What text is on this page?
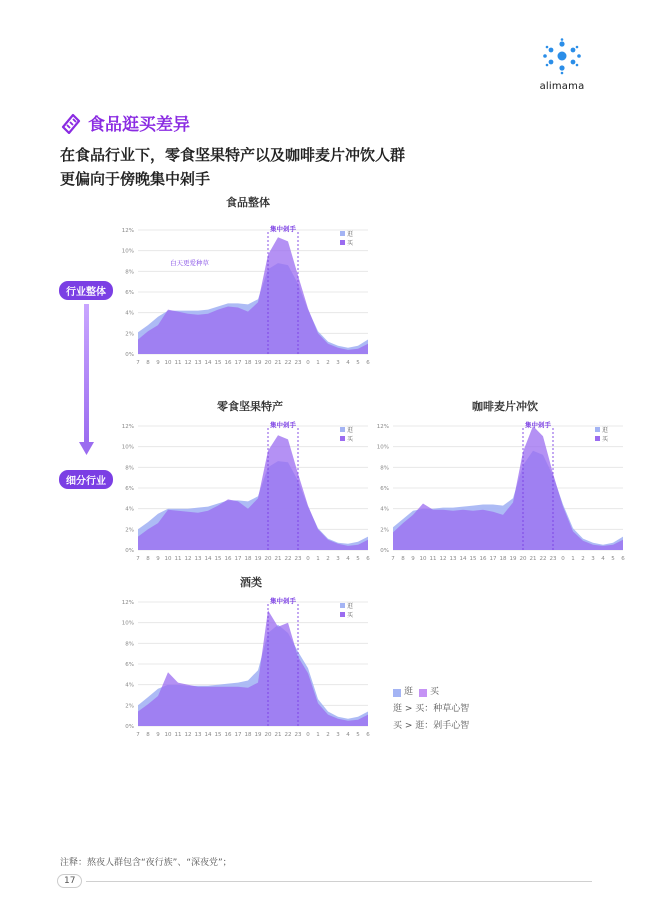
alimama
食品逛买差异
在食品行业下，零食坚果特产以及咖啡麦片冲饮人群
更偏向于傍晚集中剁手
行业整体
细分行业
食品整体
零食坚果特产	咖啡麦片冲饮
酒类
0%
2%
4%
6%
8%
10%
12%	集中剁手
7 8 9 10 11 12 13 14 15 16 17 18 19 20 21 22 23 0 1 2 3 4 5 6
逛
买
白天更爱种草
0%
2%
4%
6%
8%
10%
12%	集中剁手
7 8 9 10 11 12 13 14 15 16 17 18 19 20 21 22 23 0 1 2 3 4 5 6
逛
买
0%
2%
4%
6%
8%
10%
12%	集中剁手
7 8 9 10 11 12 13 14 15 16 17 18 19 20 21 22 23 0 1 2 3 4 5 6
逛
买
0%
2%
4%
6%
8%
10%
12%	集中剁手
7 8 9 10 11 12 13 14 15 16 17 18 19 20 21 22 23 0 1 2 3 4 5 6
逛
买
逛 买
逛 > 买：种草心智
买 > 逛：剁手心智
注释：熬夜人群包含“夜行族”、“深夜党”；
17
